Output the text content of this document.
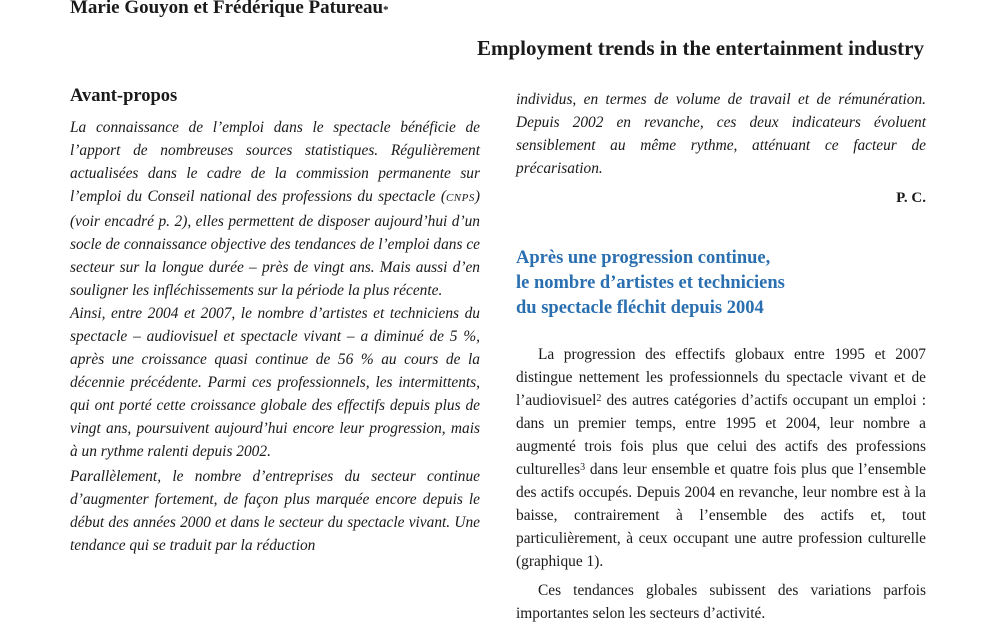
Marie Gouyon et Frédérique Patureau*
Employment trends in the entertainment industry
Avant-propos

La connaissance de l’emploi dans le spectacle bénéficie de l’apport de nombreuses sources statistiques. Régulièrement actualisées dans le cadre de la commission permanente sur l’emploi du Conseil national des professions du spectacle (CNPS) (voir encadré p. 2), elles permettent de disposer aujourd’hui d’un socle de connaissance objective des tendances de l’emploi dans ce secteur sur la longue durée – près de vingt ans. Mais aussi d’en souligner les infléchissements sur la période la plus récente.

Ainsi, entre 2004 et 2007, le nombre d’artistes et techniciens du spectacle – audiovisuel et spectacle vivant – a diminué de 5 %, après une croissance quasi continue de 56 % au cours de la décennie précédente. Parmi ces professionnels, les intermittents, qui ont porté cette croissance globale des effectifs depuis plus de vingt ans, poursuivent aujourd’hui encore leur progression, mais à un rythme ralenti depuis 2002.

Parallèlement, le nombre d’entreprises du secteur continue d’augmenter fortement, de façon plus marquée encore depuis le début des années 2000 et dans le secteur du spectacle vivant. Une tendance qui se traduit par la réduction

individus, en termes de volume de travail et de rémunération. Depuis 2002 en revanche, ces deux indicateurs évoluent sensiblement au même rythme, atténuant ce facteur de précarisation.

P. C.
Après une progression continue,
le nombre d’artistes et techniciens
du spectacle fléchit depuis 2004

La progression des effectifs globaux entre 1995 et 2007 distingue nettement les professionnels du spectacle vivant et de l’audiovisuel$^2$ des autres catégories d’actifs occupant un emploi : dans un premier temps, entre 1995 et 2004, leur nombre a augmenté trois fois plus que celui des actifs des professions culturelles$^3$ dans leur ensemble et quatre fois plus que l’ensemble des actifs occupés. Depuis 2004 en revanche, leur nombre est à la baisse, contrairement à l’ensemble des actifs et, tout particulièrement, à ceux occupant une autre profession culturelle (graphique 1).

Ces tendances globales subissent des variations parfois importantes selon les secteurs d’activité.
